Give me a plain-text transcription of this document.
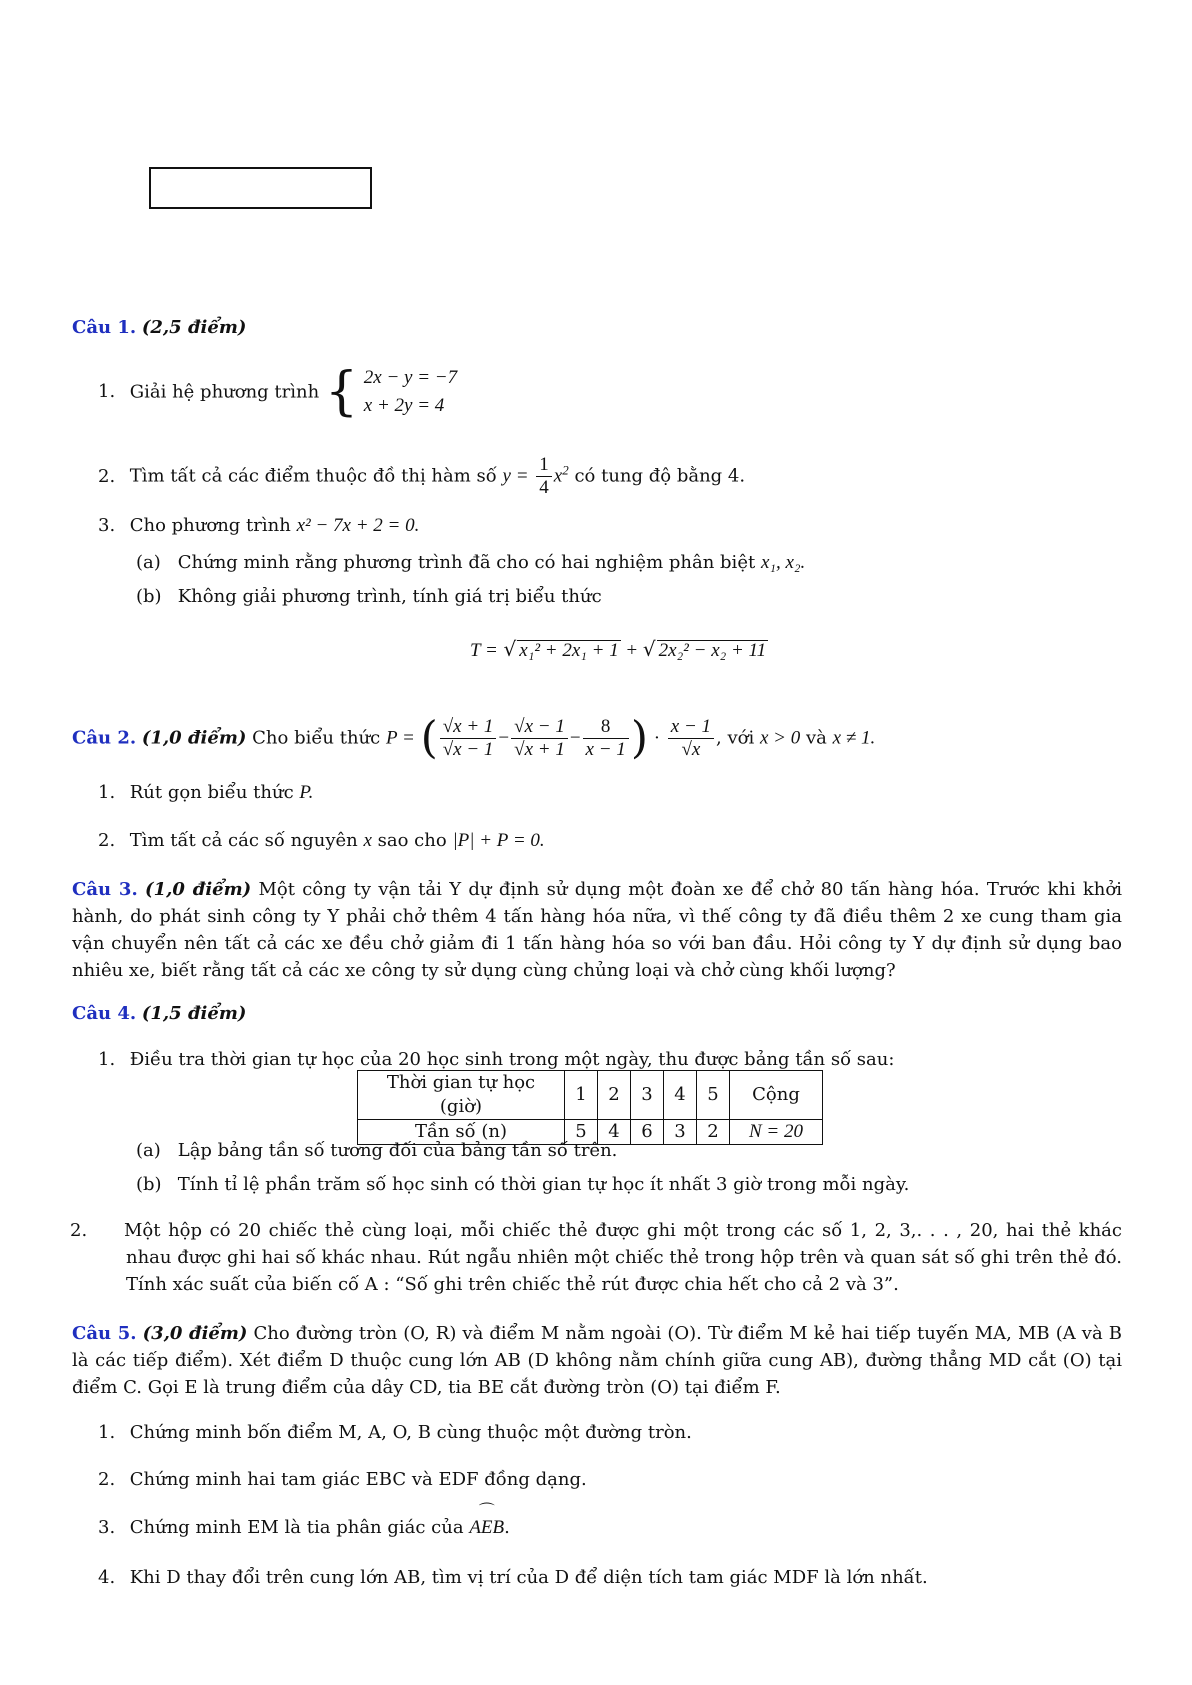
Câu 1. (2,5 điểm)
1. Giải hệ phương trình { 2x − y = −7
x + 2y = 4
2. Tìm tất cả các điểm thuộc đồ thị hàm số $y = \frac{1}{4} x^2$ có tung độ bằng 4.
3. Cho phương trình x² − 7x + 2 = 0.
(a) Chứng minh rằng phương trình đã cho có hai nghiệm phân biệt x₁, x₂.
(b) Không giải phương trình, tính giá trị biểu thức
T = √ x₁² + 2x₁ + 1 + √ 2x₂² − x₂ + 11
Câu 2. (1,0 điểm) Cho biểu thức P = ( $\frac{√x + 1}{√x - 1} - \frac{√x - 1}{√x + 1} - \frac{8}{x - 1}$ ) · $\frac{x - 1}{√x}$ , với x > 0 và x ≠ 1.
1. Rút gọn biểu thức P.
2. Tìm tất cả các số nguyên x sao cho |P| + P = 0.
Câu 3. (1,0 điểm) Một công ty vận tải Y dự định sử dụng một đoàn xe để chở 80 tấn hàng hóa. Trước khi khởi hành, do phát sinh công ty Y phải chở thêm 4 tấn hàng hóa nữa, vì thế công ty đã điều thêm 2 xe cung tham gia vận chuyển nên tất cả các xe đều chở giảm đi 1 tấn hàng hóa so với ban đầu. Hỏi công ty Y dự định sử dụng bao nhiêu xe, biết rằng tất cả các xe công ty sử dụng cùng chủng loại và chở cùng khối lượng?
Câu 4. (1,5 điểm)
1. Điều tra thời gian tự học của 20 học sinh trong một ngày, thu được bảng tần số sau:
Thời gian tự học (giờ)	1	2	3	4	5	Cộng
Tần số (n)	5	4	6	3	2	N = 20
(a) Lập bảng tần số tương đối của bảng tần số trên.
(b) Tính tỉ lệ phần trăm số học sinh có thời gian tự học ít nhất 3 giờ trong mỗi ngày.
2. Một hộp có 20 chiếc thẻ cùng loại, mỗi chiếc thẻ được ghi một trong các số 1, 2, 3,. . . , 20, hai thẻ khác nhau được ghi hai số khác nhau. Rút ngẫu nhiên một chiếc thẻ trong hộp trên và quan sát số ghi trên thẻ đó. Tính xác suất của biến cố A : “Số ghi trên chiếc thẻ rút được chia hết cho cả 2 và 3”.
Câu 5. (3,0 điểm) Cho đường tròn (O, R) và điểm M nằm ngoài (O). Từ điểm M kẻ hai tiếp tuyến MA, MB (A và B là các tiếp điểm). Xét điểm D thuộc cung lớn AB (D không nằm chính giữa cung AB), đường thẳng MD cắt (O) tại điểm C. Gọi E là trung điểm của dây CD, tia BE cắt đường tròn (O) tại điểm F.
1. Chứng minh bốn điểm M, A, O, B cùng thuộc một đường tròn.
2. Chứng minh hai tam giác EBC và EDF đồng dạng.
3. Chứng minh EM là tia phân giác của
⌒
AEB.
4. Khi D thay đổi trên cung lớn AB, tìm vị trí của D để diện tích tam giác MDF là lớn nhất.
